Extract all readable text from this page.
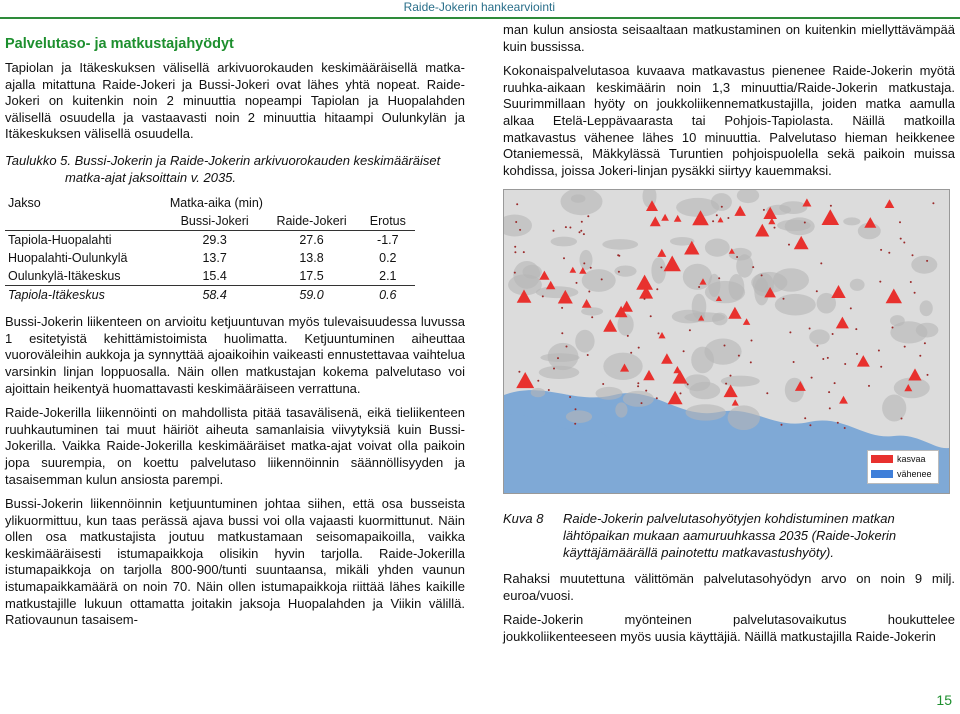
Raide-Jokerin hankearviointi
Palvelutaso- ja matkustajahyödyt

Tapiolan ja Itäkeskuksen välisellä arkivuorokauden keskimääräisellä matka-ajalla mitattuna Raide-Jokeri ja Bussi-Jokeri ovat lähes yhtä nopeat. Raide-Jokeri on kuitenkin noin 2 minuuttia nopeampi Tapiolan ja Huopalahden välisellä osuudella ja vastaavasti noin 2 minuuttia hitaampi Oulunkylän ja Itäkeskuksen välisellä osuudella.

Taulukko 5. Bussi-Jokerin ja Raide-Jokerin arkivuorokauden keskimääräiset matka-ajat jaksoittain v. 2035.
Jakso	Matka-aika (min)		
	Bussi-Jokeri	Raide-Jokeri	Erotus
Tapiola-Huopalahti	29.3	27.6	-1.7
Huopalahti-Oulunkylä	13.7	13.8	0.2
Oulunkylä-Itäkeskus	15.4	17.5	2.1
Tapiola-Itäkeskus	58.4	59.0	0.6

Bussi-Jokerin liikenteen on arvioitu ketjuuntuvan myös tulevaisuudessa luvussa 1 esitetyistä kehittämistoimista huolimatta. Ketjuuntuminen aiheuttaa vuoroväleihin aukkoja ja synnyttää ajoaikoihin vaikeasti ennustettavaa vaihtelua varsinkin linjan loppuosalla. Näin ollen matkustajan kokema palvelutaso voi ajoittain heikentyä huomattavasti keskimääräiseen verrattuna.

Raide-Jokerilla liikennöinti on mahdollista pitää tasavälisenä, eikä tieliikenteen ruuhkautuminen tai muut häiriöt aiheuta samanlaisia viivytyksiä kuin Bussi-Jokerilla. Vaikka Raide-Jokerilla keskimääräiset matka-ajat voivat olla paikoin jopa suurempia, on koettu palvelutaso liikennöinnin säännöllisyyden ja tasaisemman kulun ansiosta parempi.

Bussi-Jokerin liikennöinnin ketjuuntuminen johtaa siihen, että osa busseista ylikuormittuu, kun taas perässä ajava bussi voi olla vajaasti kuormittunut. Näin ollen osa matkustajista joutuu matkustamaan seisomapaikoilla, vaikka keskimääräisesti istumapaikkoja olisikin hyvin tarjolla. Raide-Jokerilla istumapaikkoja on tarjolla 800-900/tunti suuntaansa, mikäli yhden vaunun istumapaikkamäärä on noin 70. Näin ollen istumapaikkoja riittää lähes kaikille matkustajille lukuun ottamatta joitakin jaksoja Huopalahden ja Viikin välillä. Ratiovaunun tasaisem-

man kulun ansiosta seisaaltaan matkustaminen on kuitenkin miellyttävämpää kuin bussissa.

Kokonaispalvelutasoa kuvaava matkavastus pienenee Raide-Jokerin myötä ruuhka-aikaan keskimäärin noin 1,3 minuuttia/Raide-Jokerin matkustaja. Suurimmillaan hyöty on joukkoliikennematkustajilla, joiden matka aamulla alkaa Etelä-Leppävaarasta tai Pohjois-Tapiolasta. Näillä matkoilla matkavastus vähenee lähes 10 minuuttia. Palvelutaso hieman heikkenee Otaniemessä, Mäkkylässä Turuntien pohjoispuolella sekä paikoin muissa kohdissa, joissa Jokeri-linjan pysäkki siirtyy kauemmaksi.

kasvaa
vähenee
Kuva 8	Raide-Jokerin palvelutasohyötyjen kohdistuminen matkan lähtöpaikan mukaan aamuruuhkassa 2035 (Raide-Jokerin käyttäjämäärällä painotettu matkavastushyöty).

Rahaksi muutettuna välittömän palvelutasohyödyn arvo on noin 9 milj. euroa/vuosi.

Raide-Jokerin myönteinen palvelutasovaikutus houkuttelee joukkoliikenteeseen myös uusia käyttäjiä. Näillä matkustajilla Raide-Jokerin

15
